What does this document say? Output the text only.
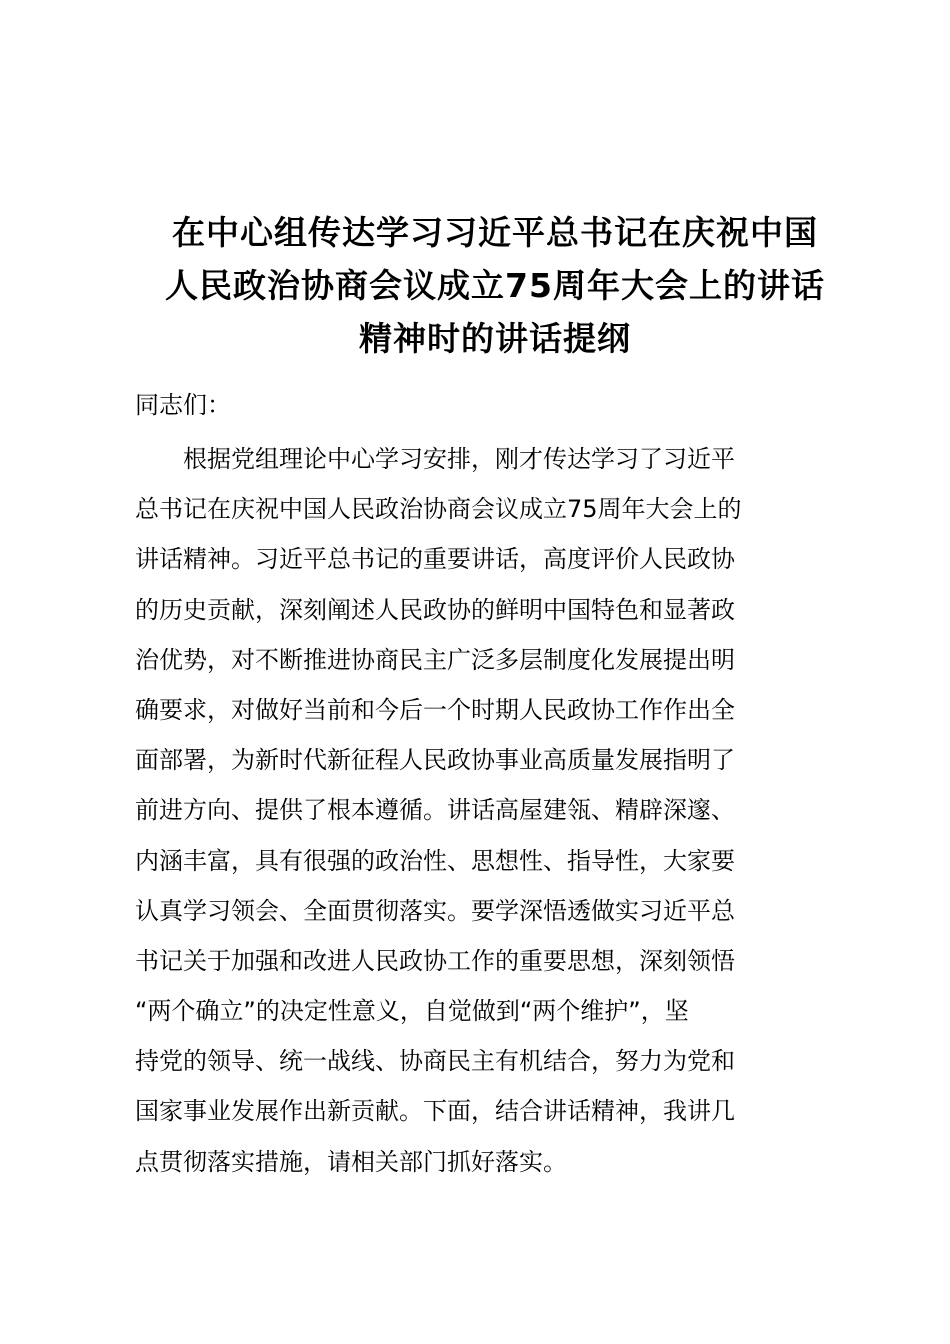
在中心组传达学习习近平总书记在庆祝中国
人民政治协商会议成立75周年大会上的讲话
精神时的讲话提纲

同志们：

根据党组理论中心学习安排，刚才传达学习了习近平
总书记在庆祝中国人民政治协商会议成立75周年大会上的
讲话精神。习近平总书记的重要讲话，高度评价人民政协
的历史贡献，深刻阐述人民政协的鲜明中国特色和显著政
治优势，对不断推进协商民主广泛多层制度化发展提出明
确要求，对做好当前和今后一个时期人民政协工作作出全
面部署，为新时代新征程人民政协事业高质量发展指明了
前进方向、提供了根本遵循。讲话高屋建瓴、精辟深邃、
内涵丰富，具有很强的政治性、思想性、指导性，大家要
认真学习领会、全面贯彻落实。要学深悟透做实习近平总
书记关于加强和改进人民政协工作的重要思想，深刻领悟
“两个确立”的决定性意义，自觉做到“两个维护”，坚
持党的领导、统一战线、协商民主有机结合，努力为党和
国家事业发展作出新贡献。下面，结合讲话精神，我讲几
点贯彻落实措施，请相关部门抓好落实。
